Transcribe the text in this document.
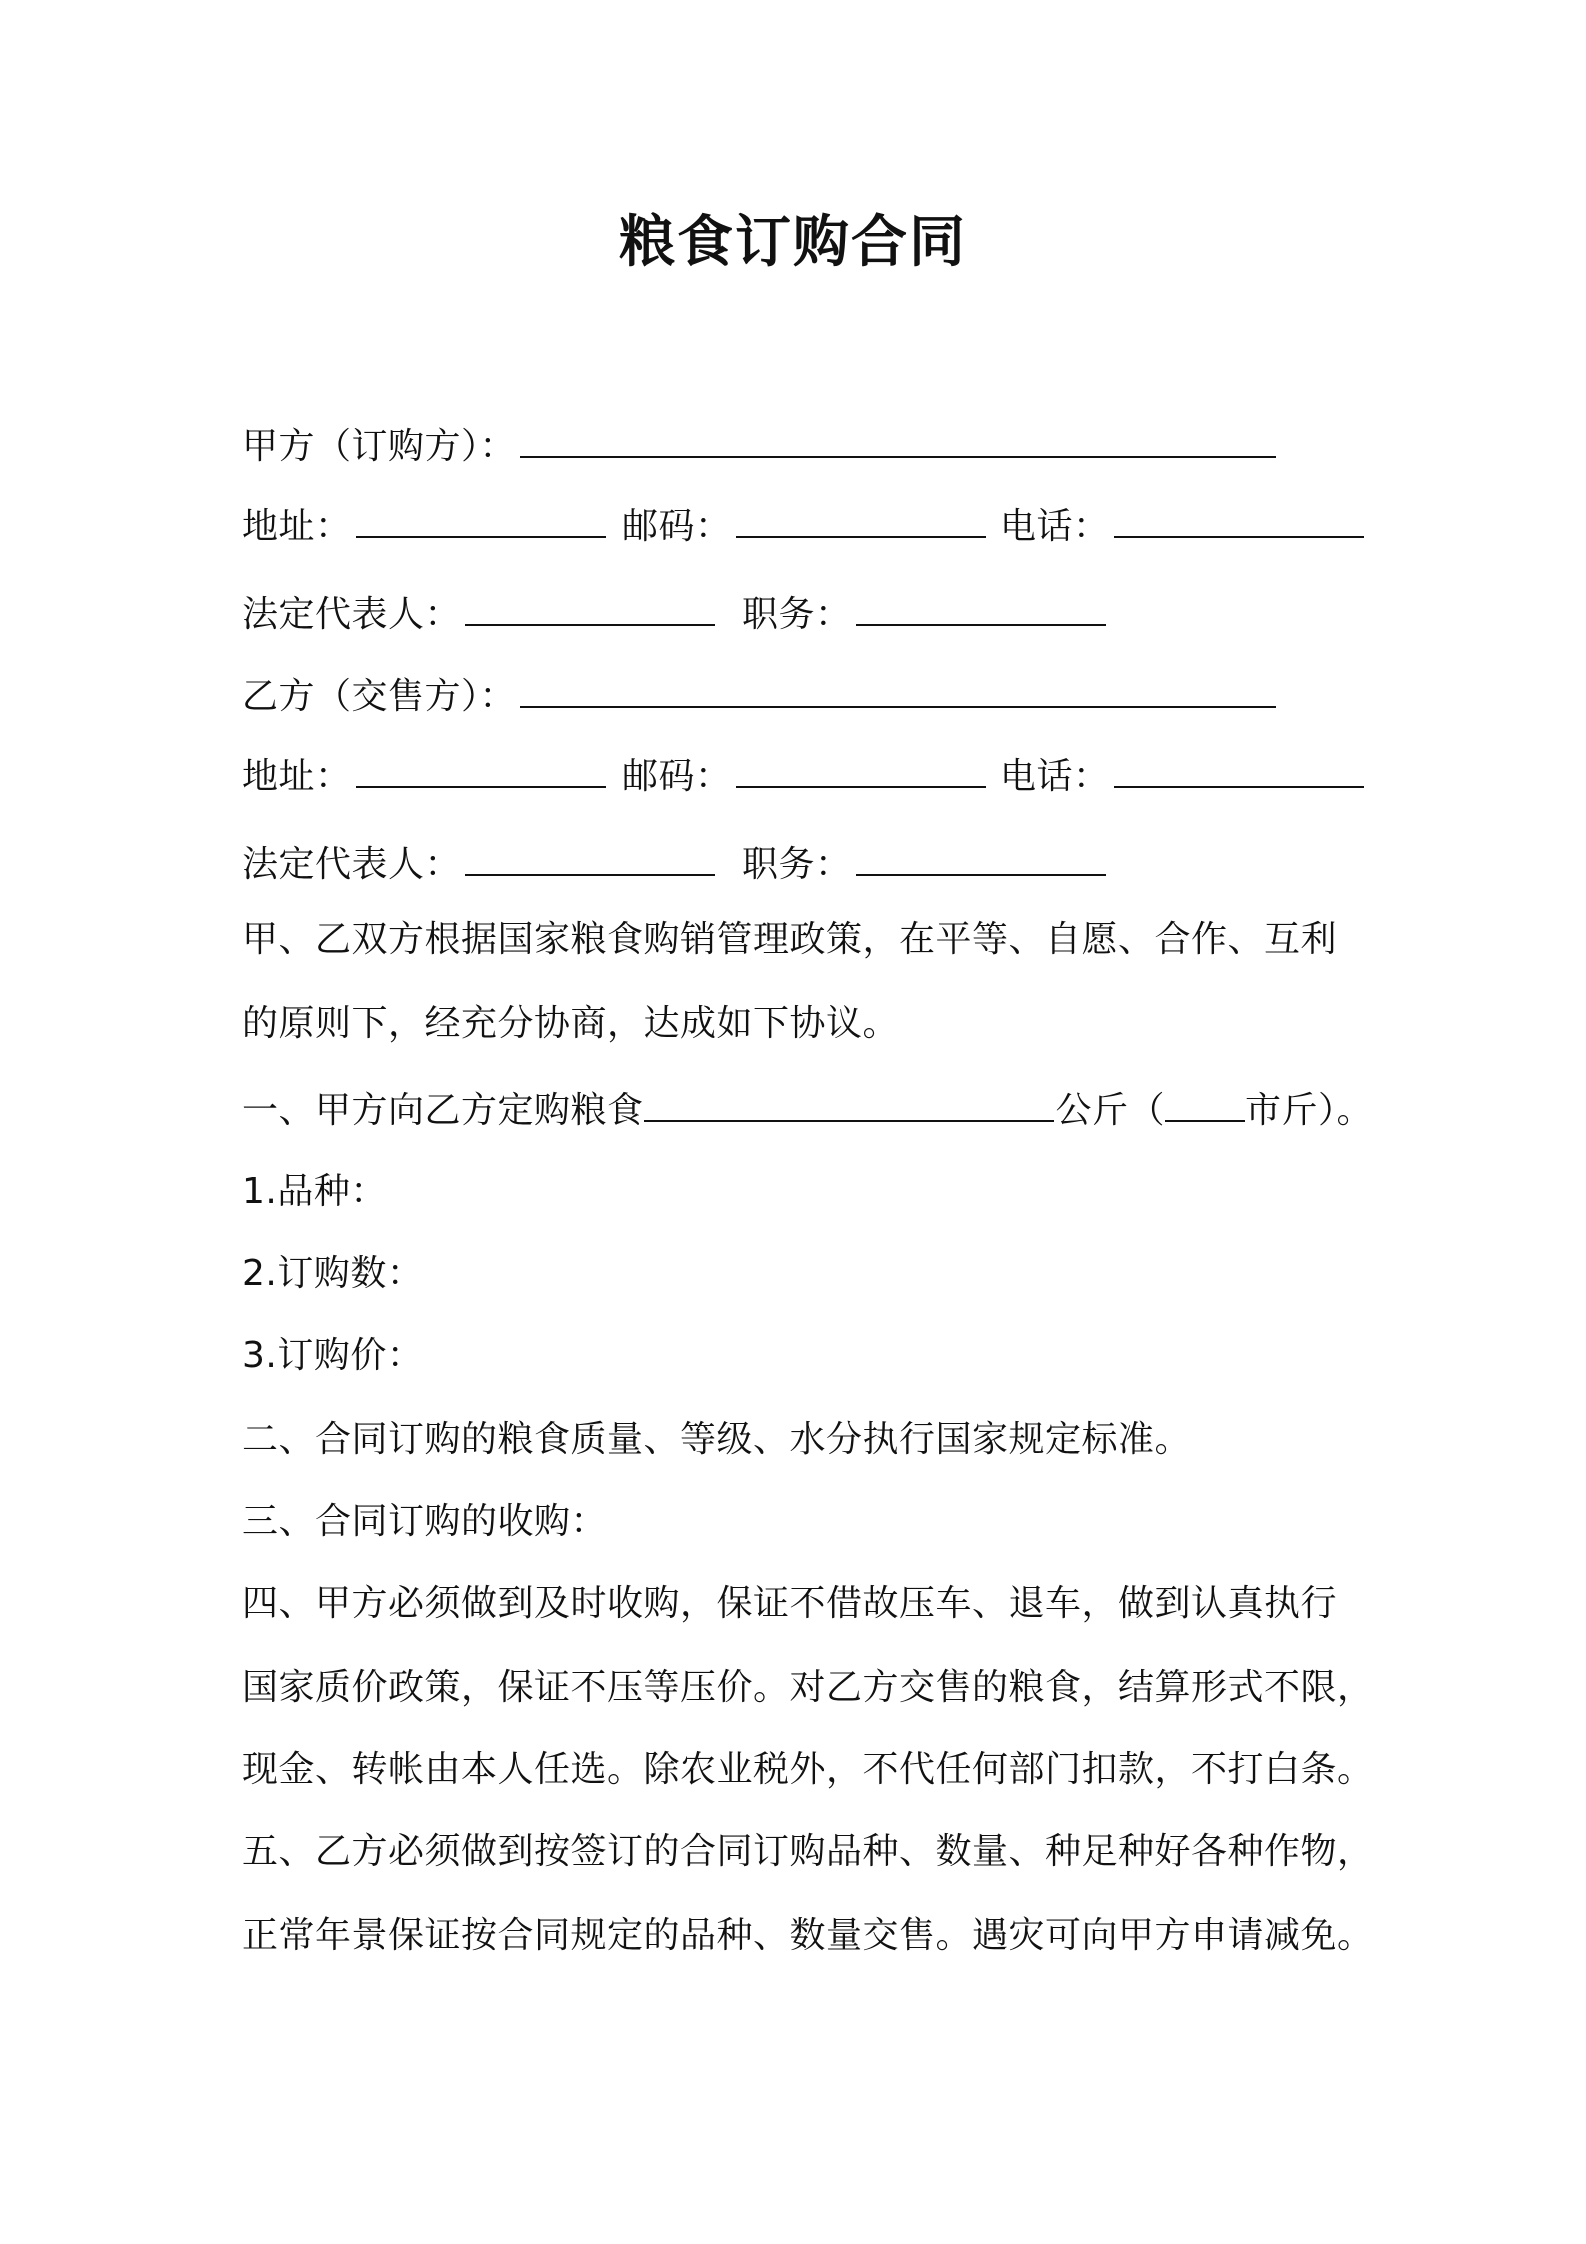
粮食订购合同
甲方（订购方）：
地址：	邮码：	电话：
法定代表人：	职务：
乙方（交售方）：
地址：	邮码：	电话：
法定代表人：	职务：
甲、乙双方根据国家粮食购销管理政策，在平等、自愿、合作、互利
的原则下，经充分协商，达成如下协议。
一、甲方向乙方定购粮食	公斤（ 市斤）。
1.品种：
2.订购数：
3.订购价：
二、合同订购的粮食质量、等级、水分执行国家规定标准。
三、合同订购的收购：
四、甲方必须做到及时收购，保证不借故压车、退车，做到认真执行
国家质价政策，保证不压等压价。对乙方交售的粮食，结算形式不限，
现金、转帐由本人任选。除农业税外，不代任何部门扣款，不打白条。
五、乙方必须做到按签订的合同订购品种、数量、种足种好各种作物，
正常年景保证按合同规定的品种、数量交售。遇灾可向甲方申请减免。
